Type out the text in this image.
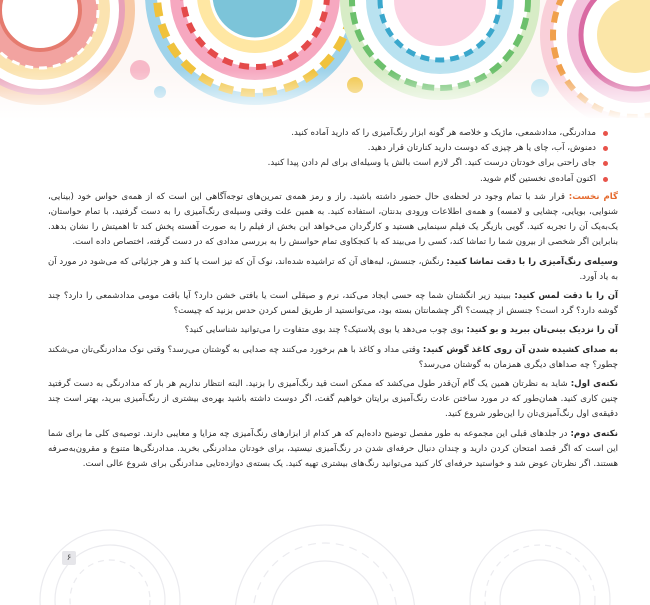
مدادرنگی، مدادشمعی، ماژیک و خلاصه هر گونه ابزار رنگ‌آمیزی را که دارید آماده کنید.
دمنوش، آب، چای یا هر چیزی که دوست دارید کنارتان قرار دهید.
جای راحتی برای خودتان درست کنید. اگر لازم است بالش یا وسیله‌ای برای لم دادن پیدا کنید.
اکنون آماده‌ی نخستین گام شوید.

گام نخست: قرار شد با تمام وجود در لحظه‌ی حال حضور داشته باشید. راز و رمز همه‌ی تمرین‌های توجه‌آگاهی این است که از همه‌ی حواس خود (بینایی، شنوایی، بویایی، چشایی و لامسه) و همه‌ی اطلاعات ورودی بدنتان، استفاده کنید. به همین علت وقتی وسیله‌ی رنگ‌آمیزی را به دست گرفتید، با تمام حواستان، یک‌به‌یک آن را تجربه کنید. گویی بازیگر یک فیلم سینمایی هستید و کارگردان می‌خواهد این بخش از فیلم را به صورت آهسته پخش کند تا اهمیتش را نشان بدهد. بنابراین اگر شخصی از بیرون شما را تماشا کند، کسی را می‌بیند که با کنجکاوی تمام حواسش را به بررسی مدادی که در دست گرفته، اختصاص داده است.

وسیله‌ی رنگ‌آمیزی را با دقت تماشا کنید: رنگش، جنسش، لبه‌های آن که تراشیده شده‌اند، نوک آن که تیز است یا کند و هر جزئیاتی که می‌شود در مورد آن به یاد آورد.

آن را با دقت لمس کنید: ببینید زیر انگشتان شما چه حسی ایجاد می‌کند، نرم و صیقلی است یا بافتی خشن دارد؟ آیا بافت مومی مدادشمعی را دارد؟ چند گوشه دارد؟ گرد است؟ جنسش از چیست؟ اگر چشمانتان بسته بود، می‌توانستید از طریق لمس کردن حدس بزنید که چیست؟

آن را نزدیک بینی‌تان ببرید و بو کنید: بوی چوب می‌دهد یا بوی پلاستیک؟ چند بوی متفاوت را می‌توانید شناسایی کنید؟

به صدای کشیده شدن آن روی کاغذ گوش کنید: وقتی مداد و کاغذ با هم برخورد می‌کنند چه صدایی به گوشتان می‌رسد؟ وقتی نوک مدادرنگی‌تان می‌شکند چطور؟ چه صداهای دیگری همزمان به گوشتان می‌رسد؟

نکته‌ی اول: شاید به نظرتان همین یک گام آن‌قدر طول می‌کشد که ممکن است قید رنگ‌آمیزی را بزنید. البته انتظار نداریم هر بار که مدادرنگی به دست گرفتید چنین کاری کنید. همان‌طور که در مورد ساختن عادت رنگ‌آمیزی برایتان خواهیم گفت، اگر دوست داشته باشید بهره‌ی بیشتری از رنگ‌آمیزی ببرید، بهتر است چند دقیقه‌ی اول رنگ‌آمیزی‌تان را این‌طور شروع کنید.

نکته‌ی دوم: در جلدهای قبلی این مجموعه به طور مفصل توضیح داده‌ایم که هر کدام از ابزارهای رنگ‌آمیزی چه مزایا و معایبی دارند. توصیه‌ی کلی ما برای شما این است که اگر قصد امتحان کردن دارید و چندان دنبال حرفه‌ای شدن در رنگ‌آمیزی نیستید، برای خودتان مدادرنگی بخرید. مدادرنگی‌ها متنوع و مقرون‌به‌صرفه هستند. اگر نظرتان عوض شد و خواستید حرفه‌ای کار کنید می‌توانید رنگ‌های بیشتری تهیه کنید. یک بسته‌ی دوازده‌تایی مدادرنگی برای شروع عالی است.

۶
